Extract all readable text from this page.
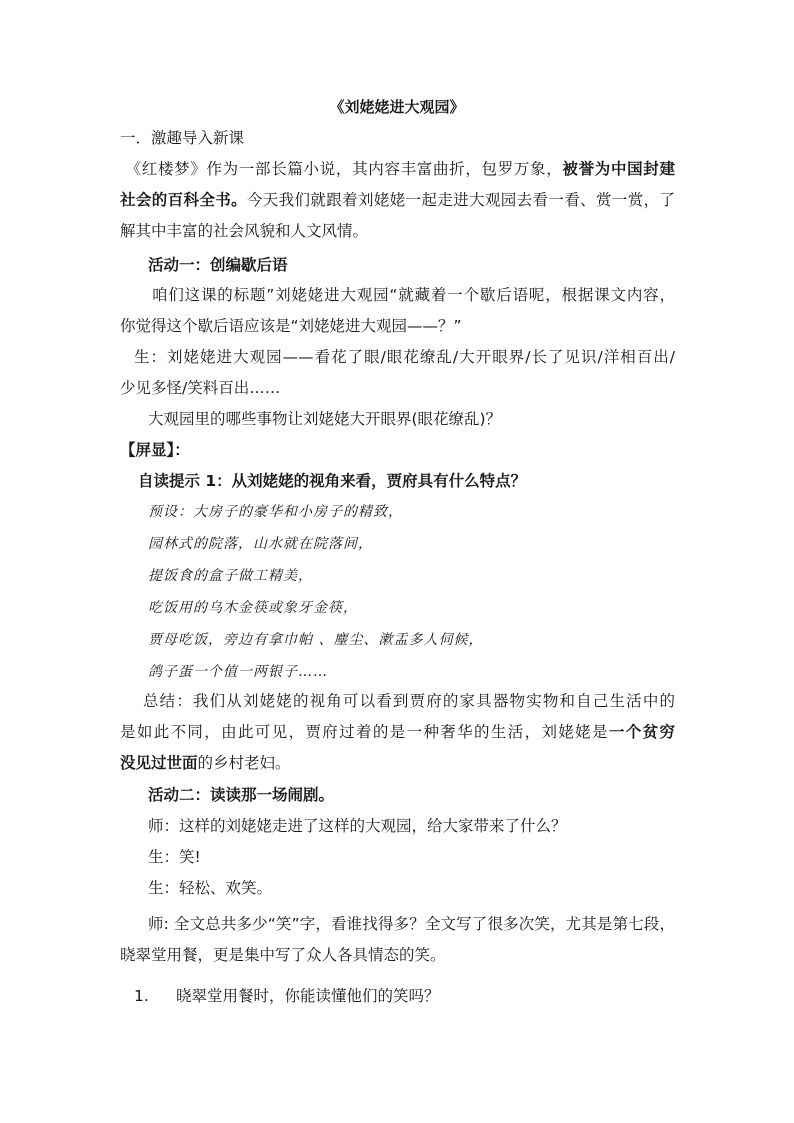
《刘姥姥进大观园》
一．激趣导入新课
《红楼梦》作为一部长篇小说，其内容丰富曲折，包罗万象，被誉为中国封建
社会的百科全书。今天我们就跟着刘姥姥一起走进大观园去看一看、赏一赏，了
解其中丰富的社会风貌和人文风情。
活动一：创编歇后语
咱们这课的标题”刘姥姥进大观园“就藏着一个歇后语呢，根据课文内容，
你觉得这个歇后语应该是“刘姥姥进大观园——？”
生：刘姥姥进大观园——看花了眼/眼花缭乱/大开眼界/长了见识/洋相百出/
少见多怪/笑料百出……
大观园里的哪些事物让刘姥姥大开眼界(眼花缭乱)？
【屏显】：
自读提示 1：从刘姥姥的视角来看，贾府具有什么特点？
预设：大房子的豪华和小房子的精致，
园林式的院落，山水就在院落间，
提饭食的盒子做工精美，
吃饭用的乌木金筷或象牙金筷，
贾母吃饭，旁边有拿巾帕 、麈尘、漱盂多人伺候，
鸽子蛋一个值一两银子……
总结：我们从刘姥姥的视角可以看到贾府的家具器物实物和自己生活中的
是如此不同，由此可见，贾府过着的是一种奢华的生活，刘姥姥是一个贫穷
没见过世面的乡村老妇。
活动二：读读那一场闹剧。
师：这样的刘姥姥走进了这样的大观园，给大家带来了什么？
生：笑!
生：轻松、欢笑。
师: 全文总共多少“笑”字，看谁找得多？全文写了很多次笑，尤其是第七段，
晓翠堂用餐，更是集中写了众人各具情态的笑。
1. 晓翠堂用餐时，你能读懂他们的笑吗？
